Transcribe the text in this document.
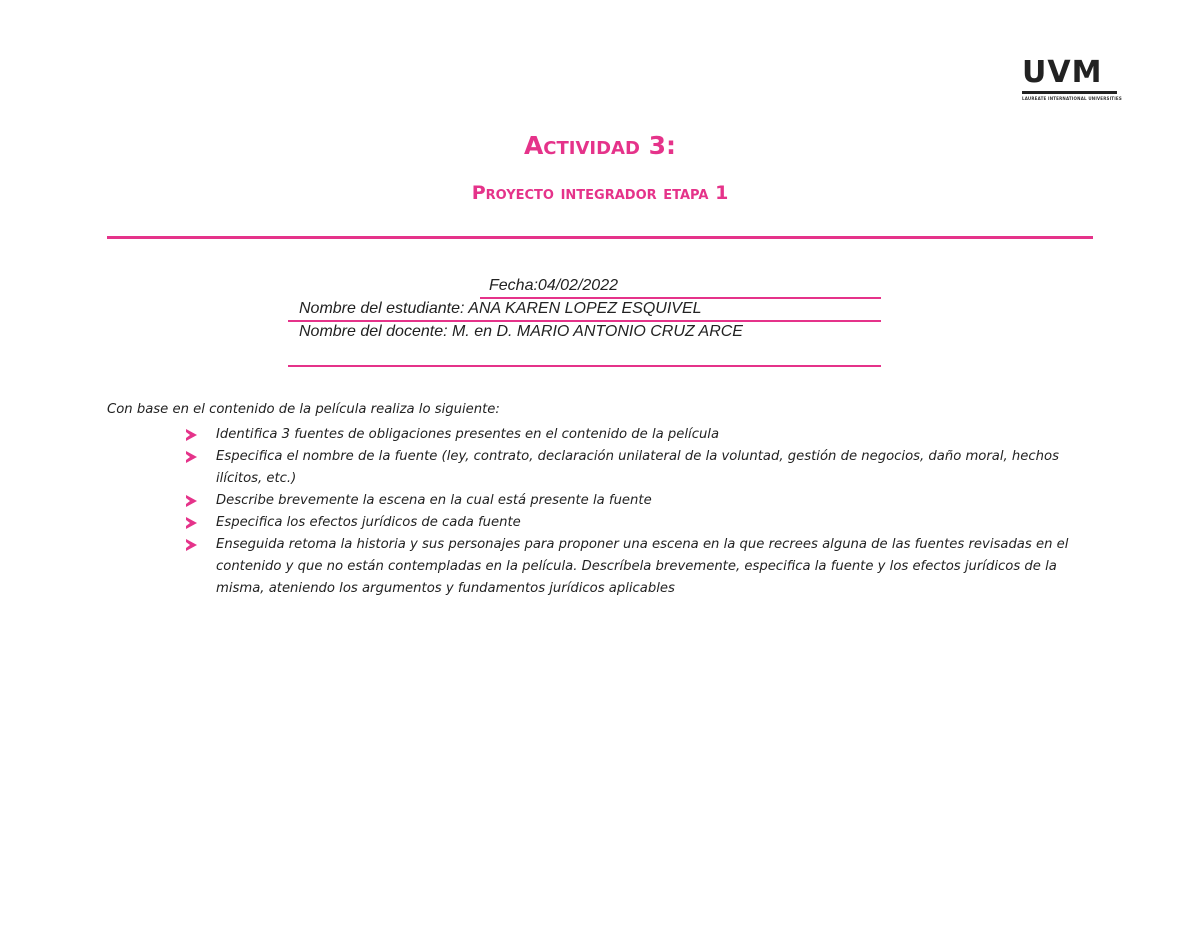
UVM
LAUREATE INTERNATIONAL UNIVERSITIES
Actividad 3:
Proyecto integrador etapa 1
Fecha:04/02/2022
Nombre del estudiante: ANA KAREN LOPEZ ESQUIVEL
Nombre del docente: M. en D. MARIO ANTONIO CRUZ ARCE
Con base en el contenido de la película realiza lo siguiente:
Identifica 3 fuentes de obligaciones presentes en el contenido de la película
Especifica el nombre de la fuente (ley, contrato, declaración unilateral de la voluntad, gestión de negocios, daño moral, hechos ilícitos, etc.)
Describe brevemente la escena en la cual está presente la fuente
Especifica los efectos jurídicos de cada fuente
Enseguida retoma la historia y sus personajes para proponer una escena en la que recrees alguna de las fuentes revisadas en el contenido y que no están contempladas en la película. Descríbela brevemente, especifica la fuente y los efectos jurídicos de la misma, ateniendo los argumentos y fundamentos jurídicos aplicables
